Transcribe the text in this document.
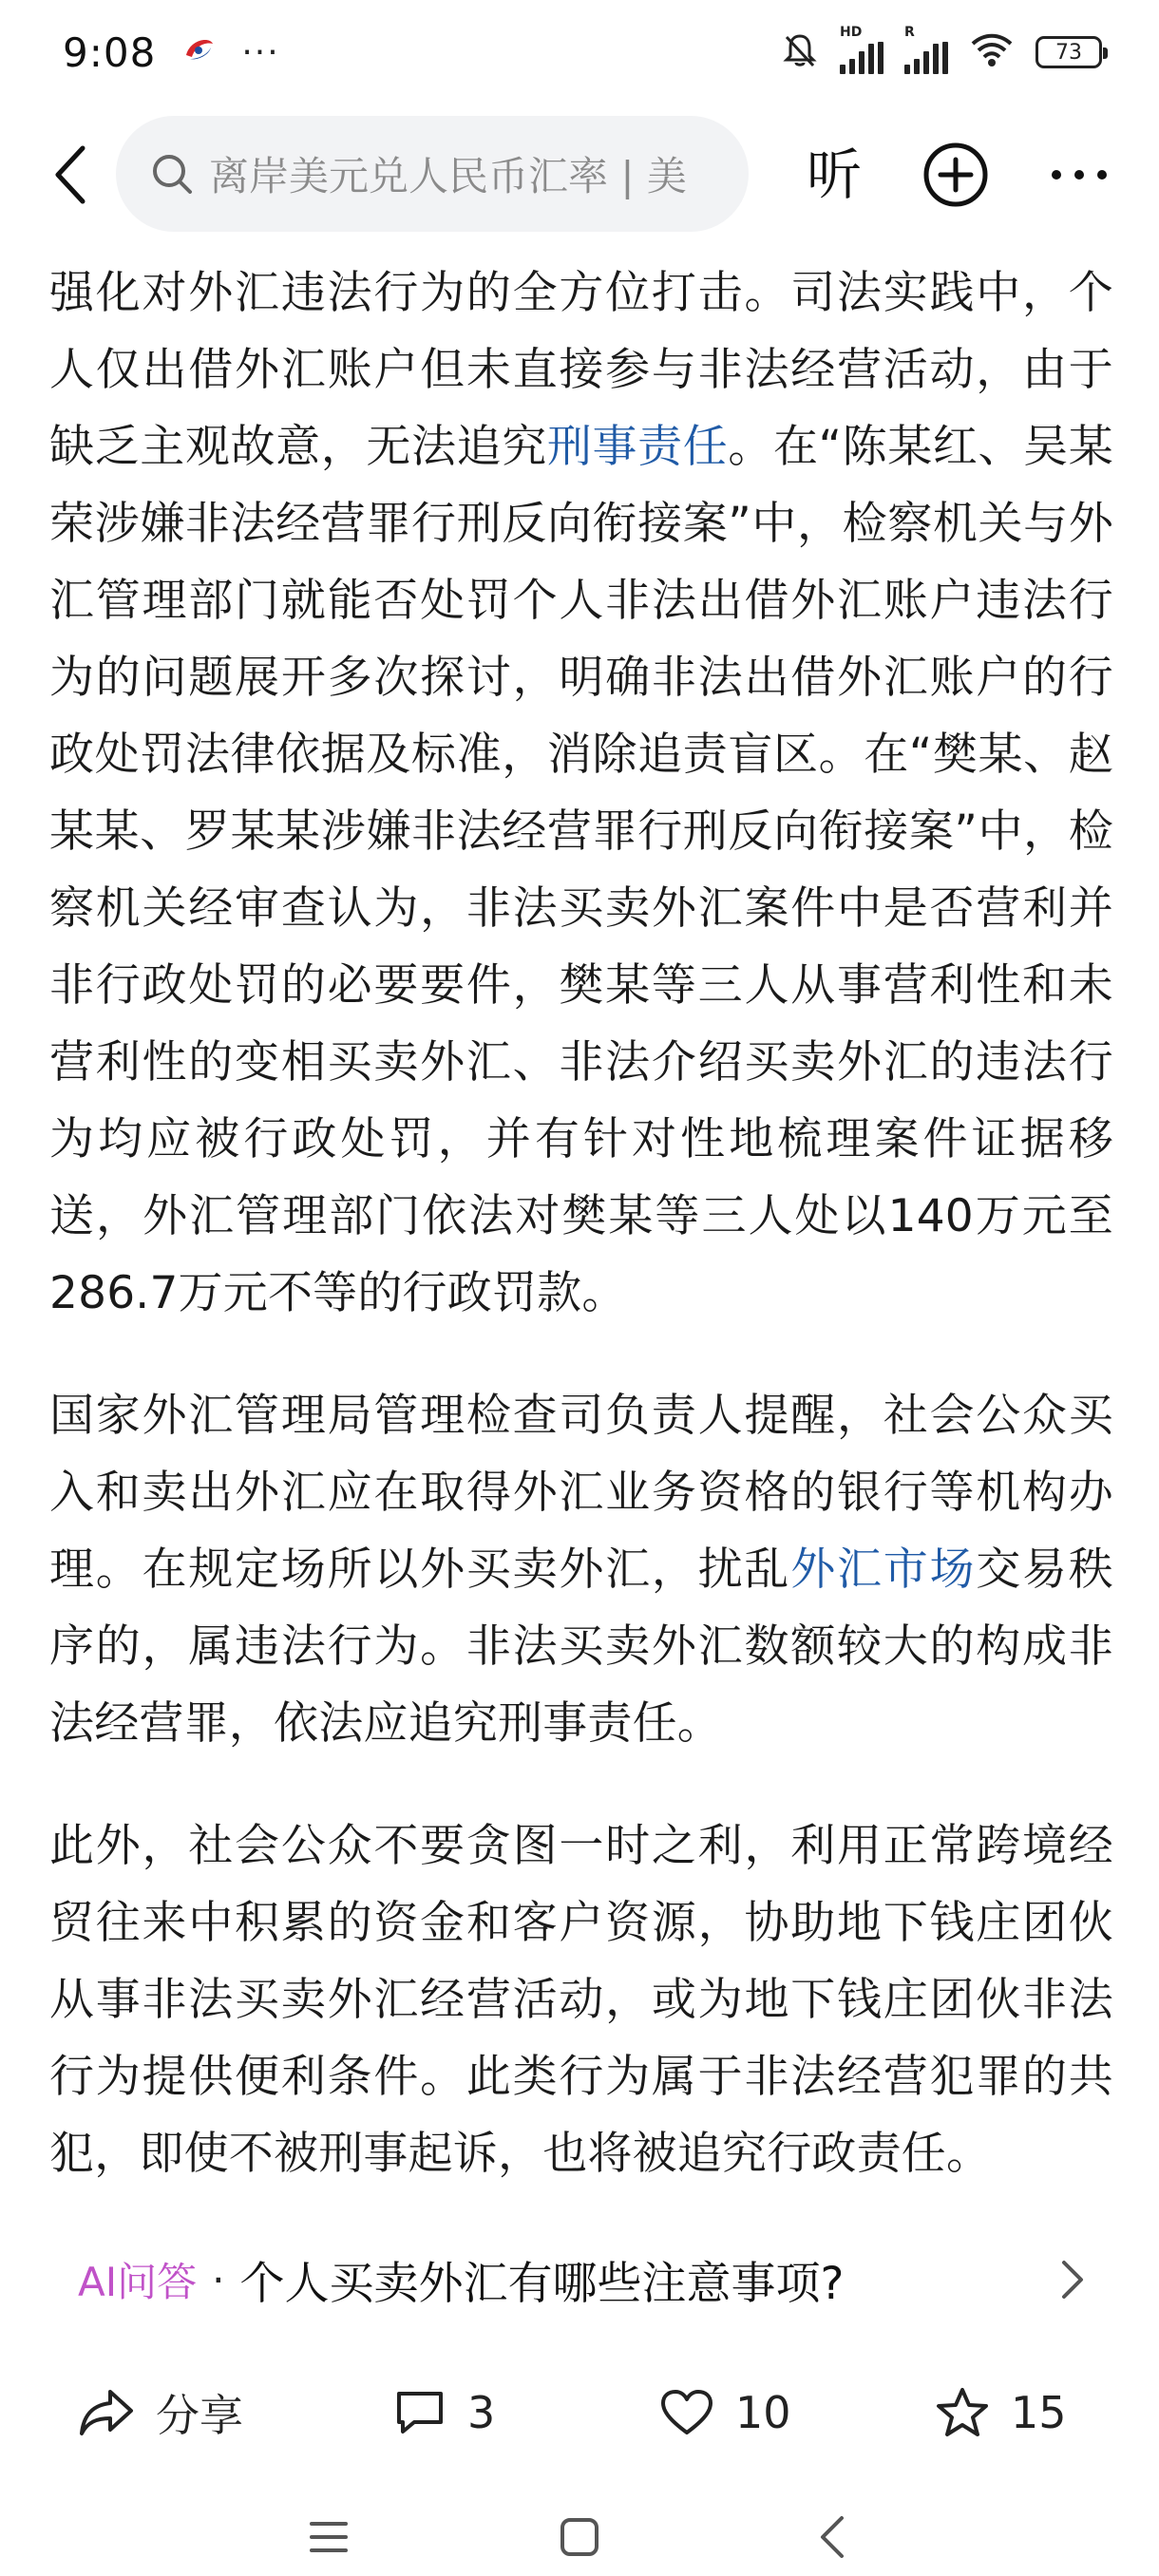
9:08	···
HD	R
73
离岸美元兑人民币汇率 | 美 听

强化对外汇违法行为的全方位打击。司法实践中，个人仅出借外汇账户但未直接参与非法经营活动，由于缺乏主观故意，无法追究刑事责任。在“陈某红、吴某荣涉嫌非法经营罪行刑反向衔接案”中，检察机关与外汇管理部门就能否处罚个人非法出借外汇账户违法行为的问题展开多次探讨，明确非法出借外汇账户的行政处罚法律依据及标准，消除追责盲区。在“樊某、赵某某、罗某某涉嫌非法经营罪行刑反向衔接案”中，检察机关经审查认为，非法买卖外汇案件中是否营利并非行政处罚的必要要件，樊某等三人从事营利性和未营利性的变相买卖外汇、非法介绍买卖外汇的违法行为均应被行政处罚，并有针对性地梳理案件证据移送，外汇管理部门依法对樊某等三人处以140万元至286.7万元不等的行政罚款。

国家外汇管理局管理检查司负责人提醒，社会公众买入和卖出外汇应在取得外汇业务资格的银行等机构办理。在规定场所以外买卖外汇，扰乱外汇市场交易秩序的，属违法行为。非法买卖外汇数额较大的构成非法经营罪，依法应追究刑事责任。

此外，社会公众不要贪图一时之利，利用正常跨境经贸往来中积累的资金和客户资源，协助地下钱庄团伙从事非法买卖外汇经营活动，或为地下钱庄团伙非法行为提供便利条件。此类行为属于非法经营犯罪的共犯，即使不被刑事起诉，也将被追究行政责任。

AI问答 · 个人买卖外汇有哪些注意事项?
分享	3	10	15
